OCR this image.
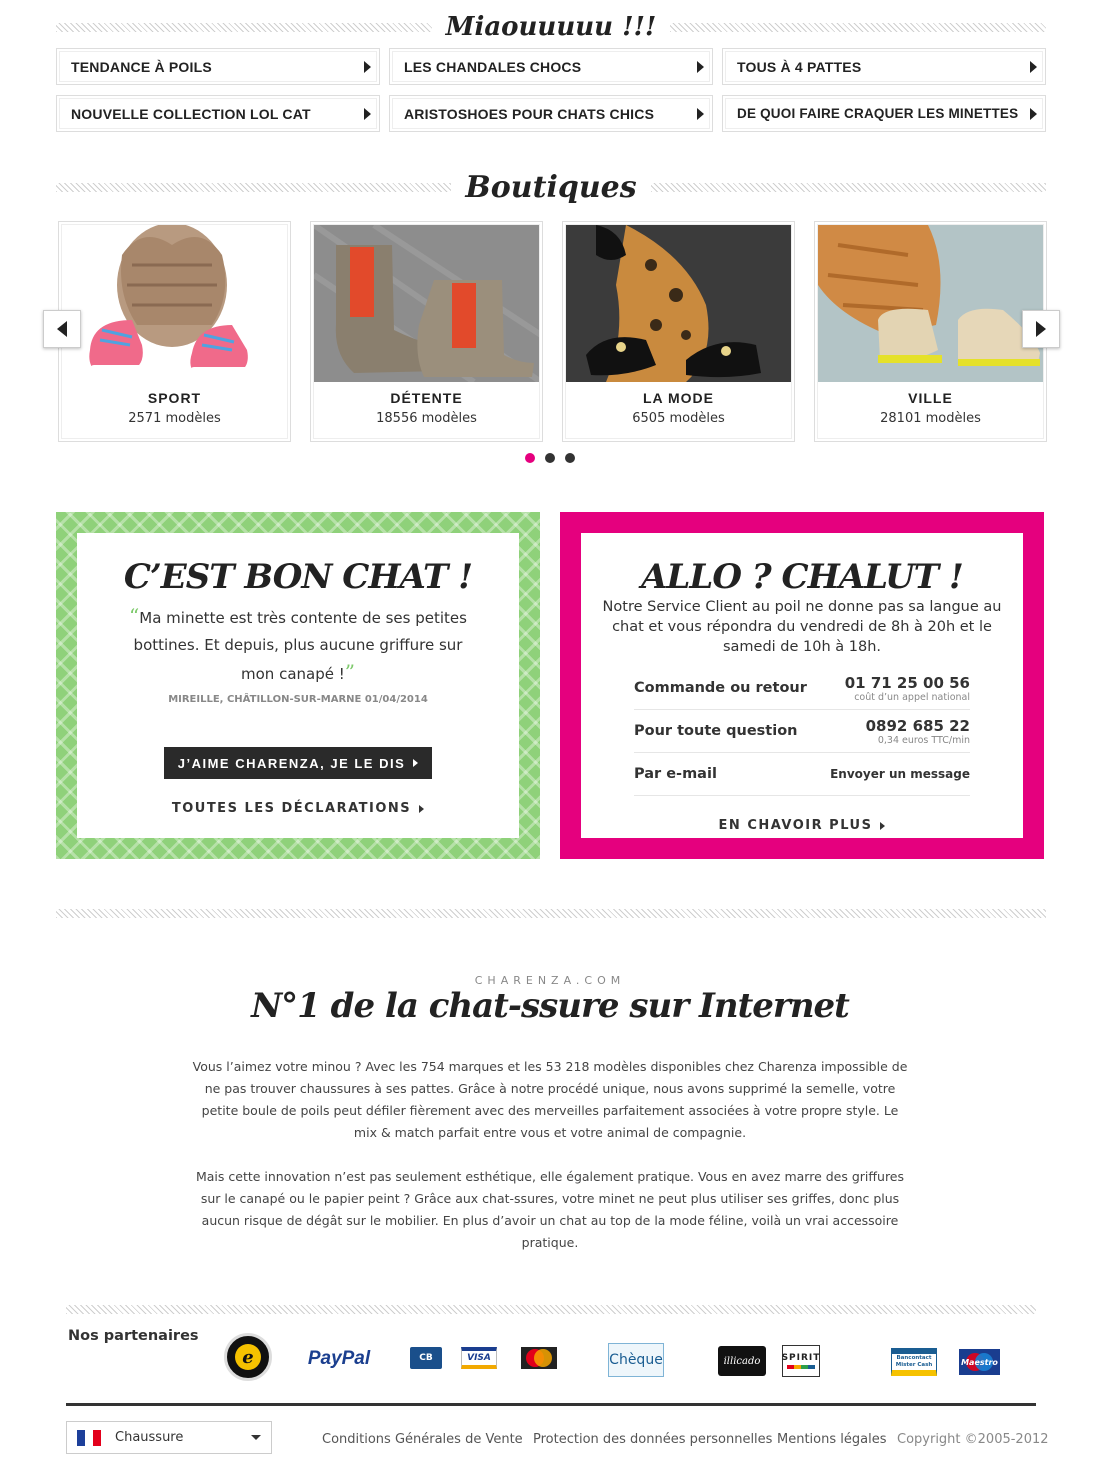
Miaouuuuu !!!
TENDANCE À POILS	LES CHANDALES CHOCS	TOUS À 4 PATTES
NOUVELLE COLLECTION LOL CAT	ARISTOSHOES POUR CHATS CHICS	DE QUOI FAIRE CRAQUER LES MINETTES
Boutiques
SPORT
2571 modèles
DÉTENTE
18556 modèles
LA MODE
6505 modèles
VILLE
28101 modèles
C’EST BON CHAT !
“Ma minette est très contente de ses petites bottines. Et depuis, plus aucune griffure sur mon canapé !”
MIREILLE, CHÂTILLON-SUR-MARNE 01/04/2014
J’AIME CHARENZA, JE LE DIS

TOUTES LES DÉCLARATIONS
ALLO ? CHALUT !
Notre Service Client au poil ne donne pas sa langue au chat et vous répondra du vendredi de 8h à 20h et le samedi de 10h à 18h.
Commande ou retour	01 71 25 00 56
coût d’un appel national
Pour toute question	0892 685 22
0,34 euros TTC/min
Par e-mail	Envoyer un message
EN CHAVOIR PLUS
CHARENZA.COM
N°1 de la chat-ssure sur Internet
Vous l’aimez votre minou ? Avec les 754 marques et les 53 218 modèles disponibles chez Charenza impossible de ne pas trouver chaussures à ses pattes. Grâce à notre procédé unique, nous avons supprimé la semelle, votre petite boule de poils peut défiler fièrement avec des merveilles parfaitement associées à votre propre style. Le mix & match parfait entre vous et votre animal de compagnie.
Mais cette innovation n’est pas seulement esthétique, elle également pratique. Vous en avez marre des griffures sur le canapé ou le papier peint ? Grâce aux chat-ssures, votre minet ne peut plus utiliser ses griffes, donc plus aucun risque de dégât sur le mobilier. En plus d’avoir un chat au top de la mode féline, voilà un vrai accessoire pratique.
Nos partenaires
e	PayPal	CB	VISA	Chèque	illicado SPIRIT	Bancontact Mister Cash	Maestro
Chaussure	Conditions Générales de Vente Protection des données personnelles Mentions légales Copyright ©2005-2012
